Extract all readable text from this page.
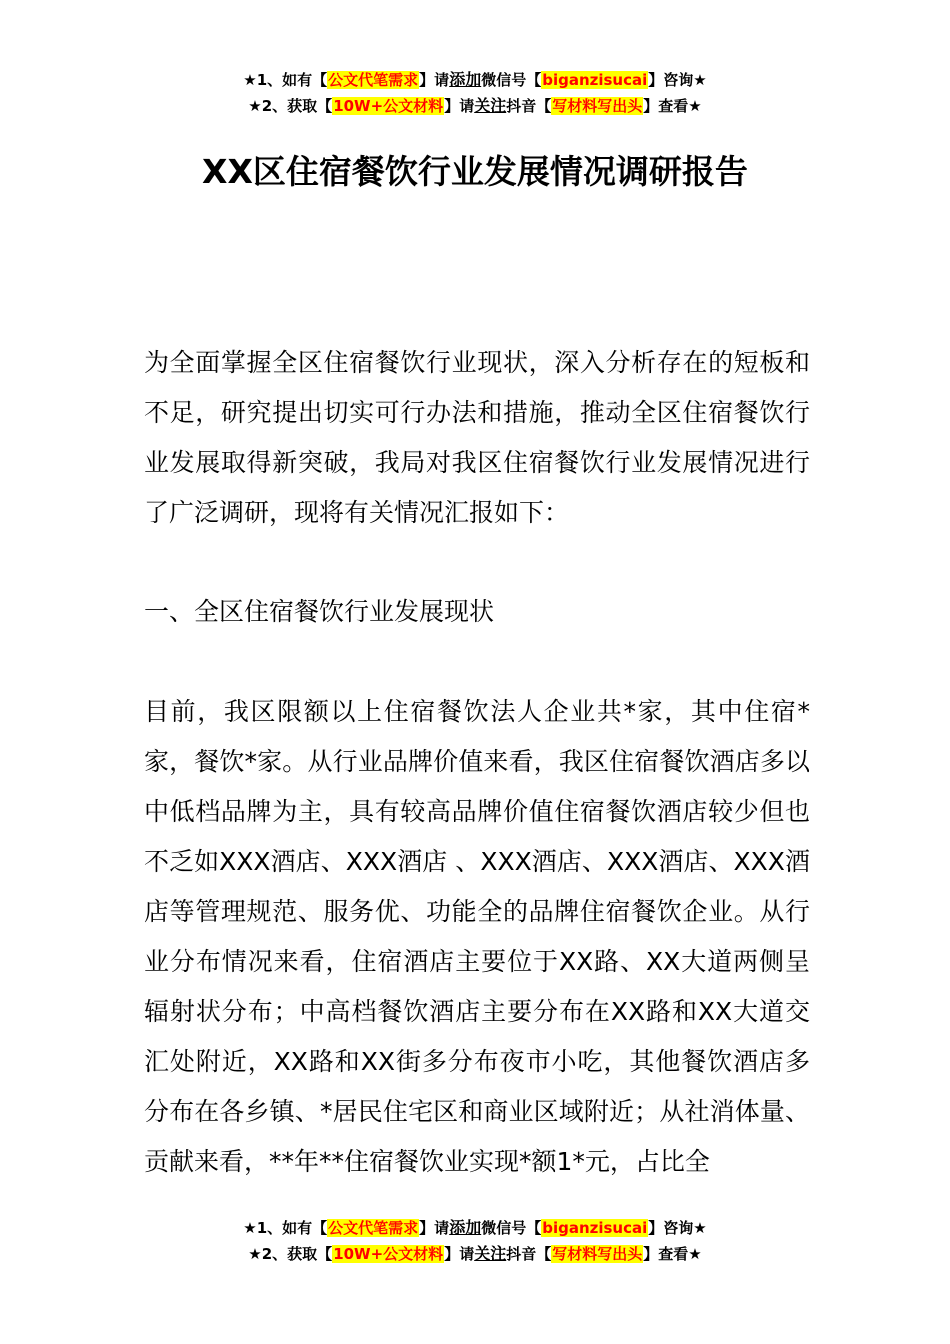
★1、如有【公文代笔需求】请添加微信号【biganzisucai】咨询★
★2、获取【10W+公文材料】请关注抖音【写材料写出头】查看★
XX区住宿餐饮行业发展情况调研报告
为全面掌握全区住宿餐饮行业现状，深入分析存在的短板和不足，研究提出切实可行办法和措施，推动全区住宿餐饮行业发展取得新突破，我局对我区住宿餐饮行业发展情况进行了广泛调研，现将有关情况汇报如下：
一、全区住宿餐饮行业发展现状
目前，我区限额以上住宿餐饮法人企业共*家，其中住宿*家，餐饮*家。从行业品牌价值来看，我区住宿餐饮酒店多以中低档品牌为主，具有较高品牌价值住宿餐饮酒店较少但也不乏如XXX酒店、XXX酒店 、XXX酒店、XXX酒店、XXX酒店等管理规范、服务优、功能全的品牌住宿餐饮企业。从行业分布情况来看，住宿酒店主要位于XX路、XX大道两侧呈辐射状分布；中高档餐饮酒店主要分布在XX路和XX大道交汇处附近，XX路和XX街多分布夜市小吃，其他餐饮酒店多分布在各乡镇、*居民住宅区和商业区域附近；从社消体量、贡献来看，**年**住宿餐饮业实现*额1*元，占比全
★1、如有【公文代笔需求】请添加微信号【biganzisucai】咨询★
★2、获取【10W+公文材料】请关注抖音【写材料写出头】查看★
